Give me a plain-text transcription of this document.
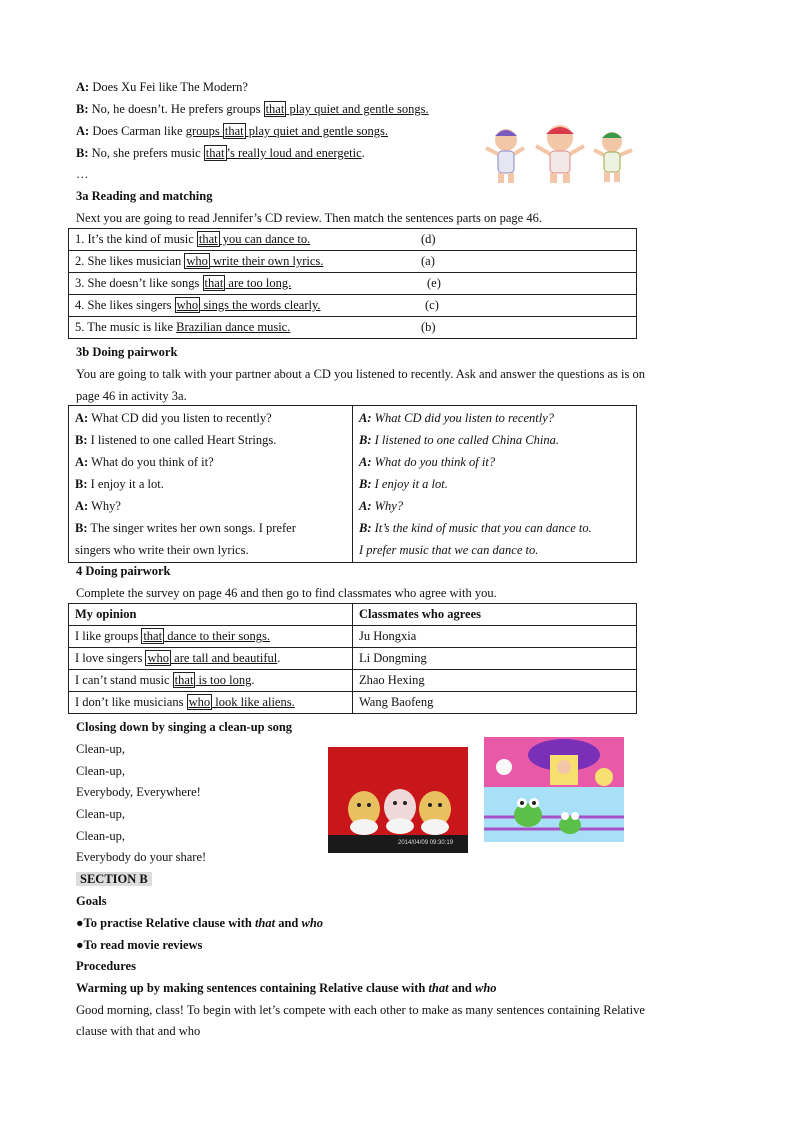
A: Does Xu Fei like The Modern?
B: No, he doesn’t. He prefers groups that play quiet and gentle songs.
A: Does Carman like groups that play quiet and gentle songs.
B: No, she prefers music that ’s really loud and energetic.
…
3a Reading and matching
Next you are going to read Jennifer’s CD review. Then match the sentences parts on page 46.
1. It’s the kind of music that you can dance to.	(d)

2. She likes musician who write their own lyrics.	(a)

3. She doesn’t like songs that are too long.	(e)

4. She likes singers who sings the words clearly.	(c)

5. The music is like Brazilian dance music.	(b)
3b Doing pairwork
You are going to talk with your partner about a CD you listened to recently. Ask and answer the questions as is on
page 46 in activity 3a.
A: What CD did you listen to recently?
B: I listened to one called Heart Strings.
A: What do you think of it?
B: I enjoy it a lot.
A: Why?
B: The singer writes her own songs. I prefer
singers who write their own lyrics.

A: What CD did you listen to recently?
B: I listened to one called China China.
A: What do you think of it?
B: I enjoy it a lot.
A: Why?
B: It’s the kind of music that you can dance to.
I prefer music that we can dance to.
4 Doing pairwork
Complete the survey on page 46 and then go to find classmates who agree with you.
My opinion	Classmates who agrees
I like groups that dance to their songs.	Ju Hongxia
I love singers who are tall and beautiful.	Li Dongming
I can’t stand music that is too long.	Zhao Hexing
I don’t like musicians who look like aliens.	Wang Baofeng
Closing down by singing a clean-up song
Clean-up,
Clean-up,
Everybody, Everywhere!
Clean-up,
Clean-up,
Everybody do your share!
2014/04/09 09:30:19
SECTION B
Goals
●To practise Relative clause with that and who
●To read movie reviews
Procedures
Warming up by making sentences containing Relative clause with that and who
Good morning, class! To begin with let’s compete with each other to make as many sentences containing Relative
clause with that and who
